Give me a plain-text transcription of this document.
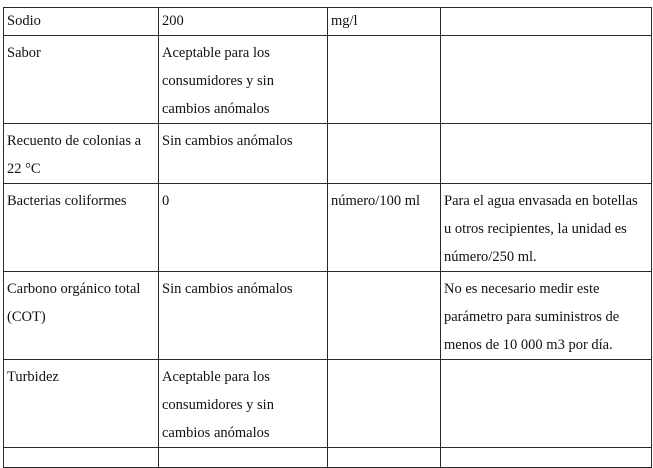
Sodio	200	mg/l	
Sabor	Aceptable para los consumidores y sin cambios anómalos		
Recuento de colonias a 22 °C	Sin cambios anómalos		
Bacterias coliformes	0	número/100 ml	Para el agua envasada en botellas u otros recipientes, la unidad es número/250 ml.
Carbono orgánico total (COT)	Sin cambios anómalos		No es necesario medir este parámetro para suministros de menos de 10 000 m3 por día.
Turbidez	Aceptable para los consumidores y sin cambios anómalos		
